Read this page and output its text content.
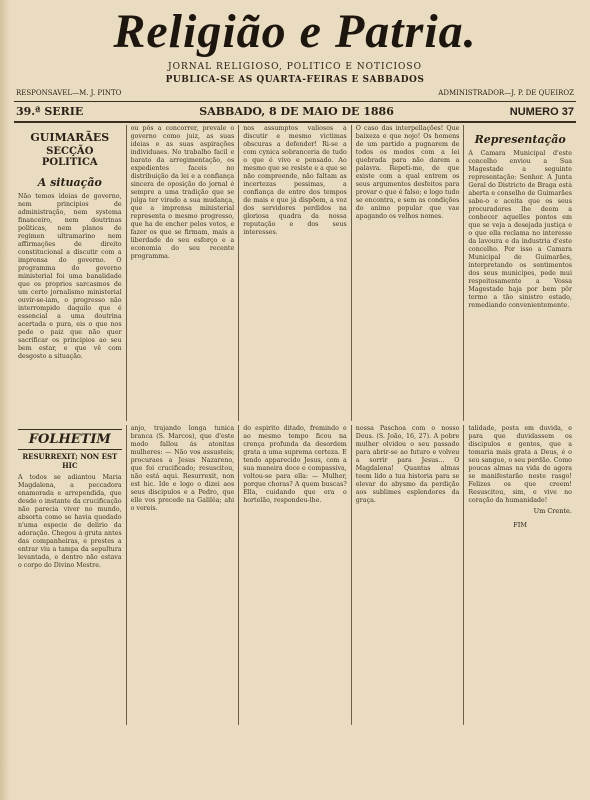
Religião e Patria.
JORNAL RELIGIOSO, POLITICO E NOTICIOSO
PUBLICA-SE AS QUARTA-FEIRAS E SABBADOS
RESPONSAVEL—M. J. PINTO	ADMINISTRADOR—J. P. DE QUEIROZ
39.ª SERIE	SABBADO, 8 DE MAIO DE 1886	NUMERO 37
GUIMARÃES
SECÇÃO POLITICA
A situação
Não temos ideias de governo, nem principios de administração, nem systema financeiro, nem doutrinas politicas, nem planos de regimen ultramarino nem affirmações de direito constitucional a discutir com a imprensa do governo. O programma do governo ministerial foi uma banalidade que os proprios sarcasmos de um certo jornalismo ministerial ouvir-se-iam, o progresso não interrompido daquilo que é essencial a uma doutrina acertada e pura, eis o que nos pede o paiz que não quer sacrificar os principios ao seu bem estar, e que vê com desgosto a situação.
ou pôs a concorrer, prevale o governo como juiz, as suas ideias e as suas aspirações individuaes. No trabalho facil e barato da arregimentação, os expedientes faceis no distribuição da lei e a confiança sincera de oposição do jornal é sempre a uma tradição que se julga ter virado a sua mudança, que a imprensa ministerial representa o mesmo progresso, que ha de encher pelos votos, e fazer os que se firmam, mais a liberdade do seu esforço e a economia do seu recente programma.
nos assumptos valiosos a discutir e mesmo victimas obscuras a defender! Ri-se a com cynica sobranceria de tudo o que é vivo e pensado. Ao mesmo que se resiste e a que se não compreende, não faltam as incertezas pessimas, a confiança de entre dos tempos de mais e que já dispõem, a voz dos servidores perdidos na gloriosa quadra da nossa reputação e dos seus interesses.
O caso das interpellações! Que baixeza e que nojo! Os homens de um partido a pugnarem de todos os modos com a lei quebrada para não darem a palavra. Repeti-me, de que existe com a qual entrem os seus argumentos desfeitos para provar o que é falso; e logo tudo se encontra, e sem as condições do animo popular que vae apagando os velhos nomes.
Representação
A Camara Municipal d'este concelho enviou a Sua Magestade a seguinte representação: Senhor. A Junta Geral do Districto de Braga está aberta e conselho de Guimarães sabe-o e aceita que os seus procuradores lhe deem a conhecer aquelles pontos em que se veja a desejada justiça e o que ella reclama no interesse da lavoura e da industria d'este concelho. Por isso a Camara Municipal de Guimarães, interpretando os sentimentos dos seus municipes, pede mui respeitosamente a Vossa Magestade haja por bem pôr termo a tão sinistro estado, remediando convenientemente.
FOLHETIM
RESURREXIT; NON EST HIC
A todos se adiantou Maria Magdalena, a peccadora enamorada e arrependida, que desde o instante da crucificação não parecia viver no mundo, absorta como se havia quedado n'uma especie de delirio da adoração. Chegou á gruta antes das companheiras, e prestes a entrar viu a tampa da sepultura levantada, e dentro não estava o corpo do Divino Mestre.
anjo, trajando longa tunica branca (S. Marcos), que d'este modo fallou ás atonitas mulheres: — Não vos assusteis; procuraes a Jesus Nazareno, que foi crucificado; resuscitou, não está aqui. Resurrexit, non est hic. Ide e logo o dizei aos seus discipulos e a Pedro, que elle vos precede na Galilêa; ahi o vereis.
do espirito ditado, fremindo e ao mesmo tempo ficou na crença profunda da desordem grata a uma suprema certeza. E tendo apparecido Jesus, com a sua maneira doce e compassiva, voltou-se para ella: — Mulher, porque choras? A quem buscas? Ella, cuidando que era o hortelão, respondeu-lhe.
nossa Paschoa com o nosso Deus. (S. João, 16, 27). A pobre mulher olvidou o seu passado para abrir-se ao futuro e volveu a sorrir para Jesus... O Magdalena! Quantas almas teem lido a tua historia para se elevar do abysmo da perdição aos sublimes esplendores da graça.
talidade, posta em duvida, e para que duvidassem os discipulos e gentes, que a tomaria mais grata a Deus, é o seu sangue, o seu perdão. Como poucas almas na vida de agora se manifestarão neste rasgo! Felizes os que creem! Resuscitou, sim, e vive no coração da humanidade!
Um Crente.
FIM
